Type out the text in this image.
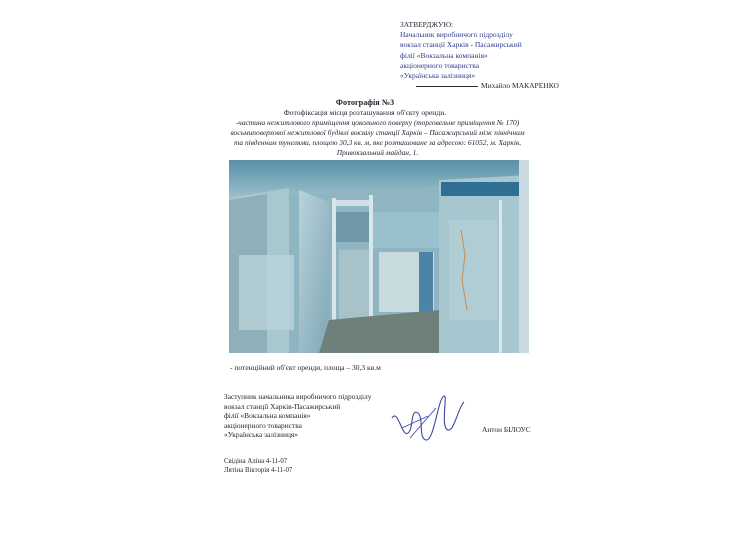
ЗАТВЕРДЖУЮ:
Начальник виробничого підрозділу
вокзал станції Харків - Пасажирський
філії «Вокзальна компанія»
акціонерного товариства
«Українська залізниця»
Михайло МАКАРЕНКО
Фотографія №3
Фотофіксація місця розташування об'єкту оренди.
-частина нежитлового приміщення цокольного поверху (торговельне приміщення № 170) восьмиповерхової нежитлової будівлі вокзалу станції Харків – Пасажирський між північним та південним тунелями, площею 30,3 кв. м, яке розташоване за адресою: 61052, м. Харків, Привокзальний майдан, 1.
- потенційний об'єкт оренди, площа – 30,3 кв.м
Заступник начальника виробничого підрозділу
вокзал станції Харків-Пасажирський
філії «Вокзальна компанія»
акціонерного товариства
«Українська залізниця»
Антон БІЛОУС
Свідіна Аліна 4-11-07
Лятіна Вікторія 4-11-07
